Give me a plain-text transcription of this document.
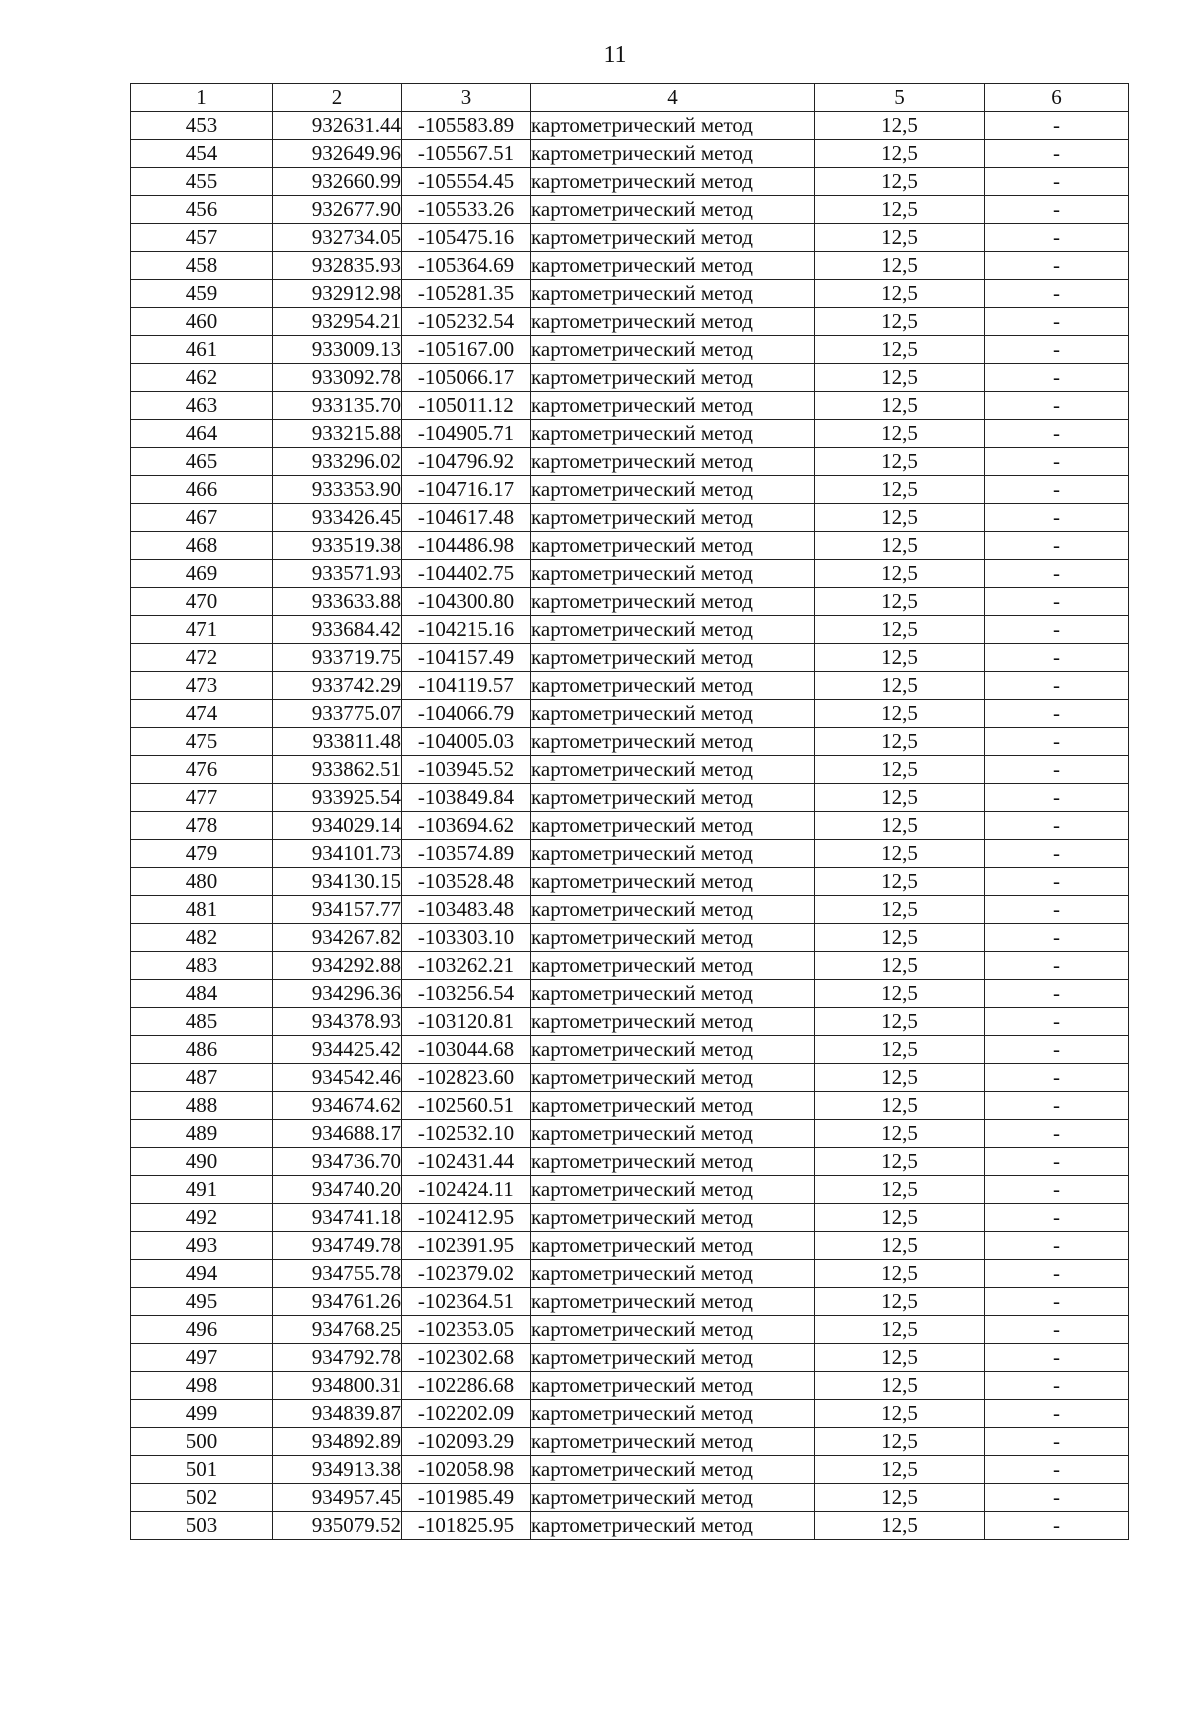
11
1	2	3	4	5	6
453	932631.44	-105583.89	картометрический метод	12,5	-
454	932649.96	-105567.51	картометрический метод	12,5	-
455	932660.99	-105554.45	картометрический метод	12,5	-
456	932677.90	-105533.26	картометрический метод	12,5	-
457	932734.05	-105475.16	картометрический метод	12,5	-
458	932835.93	-105364.69	картометрический метод	12,5	-
459	932912.98	-105281.35	картометрический метод	12,5	-
460	932954.21	-105232.54	картометрический метод	12,5	-
461	933009.13	-105167.00	картометрический метод	12,5	-
462	933092.78	-105066.17	картометрический метод	12,5	-
463	933135.70	-105011.12	картометрический метод	12,5	-
464	933215.88	-104905.71	картометрический метод	12,5	-
465	933296.02	-104796.92	картометрический метод	12,5	-
466	933353.90	-104716.17	картометрический метод	12,5	-
467	933426.45	-104617.48	картометрический метод	12,5	-
468	933519.38	-104486.98	картометрический метод	12,5	-
469	933571.93	-104402.75	картометрический метод	12,5	-
470	933633.88	-104300.80	картометрический метод	12,5	-
471	933684.42	-104215.16	картометрический метод	12,5	-
472	933719.75	-104157.49	картометрический метод	12,5	-
473	933742.29	-104119.57	картометрический метод	12,5	-
474	933775.07	-104066.79	картометрический метод	12,5	-
475	933811.48	-104005.03	картометрический метод	12,5	-
476	933862.51	-103945.52	картометрический метод	12,5	-
477	933925.54	-103849.84	картометрический метод	12,5	-
478	934029.14	-103694.62	картометрический метод	12,5	-
479	934101.73	-103574.89	картометрический метод	12,5	-
480	934130.15	-103528.48	картометрический метод	12,5	-
481	934157.77	-103483.48	картометрический метод	12,5	-
482	934267.82	-103303.10	картометрический метод	12,5	-
483	934292.88	-103262.21	картометрический метод	12,5	-
484	934296.36	-103256.54	картометрический метод	12,5	-
485	934378.93	-103120.81	картометрический метод	12,5	-
486	934425.42	-103044.68	картометрический метод	12,5	-
487	934542.46	-102823.60	картометрический метод	12,5	-
488	934674.62	-102560.51	картометрический метод	12,5	-
489	934688.17	-102532.10	картометрический метод	12,5	-
490	934736.70	-102431.44	картометрический метод	12,5	-
491	934740.20	-102424.11	картометрический метод	12,5	-
492	934741.18	-102412.95	картометрический метод	12,5	-
493	934749.78	-102391.95	картометрический метод	12,5	-
494	934755.78	-102379.02	картометрический метод	12,5	-
495	934761.26	-102364.51	картометрический метод	12,5	-
496	934768.25	-102353.05	картометрический метод	12,5	-
497	934792.78	-102302.68	картометрический метод	12,5	-
498	934800.31	-102286.68	картометрический метод	12,5	-
499	934839.87	-102202.09	картометрический метод	12,5	-
500	934892.89	-102093.29	картометрический метод	12,5	-
501	934913.38	-102058.98	картометрический метод	12,5	-
502	934957.45	-101985.49	картометрический метод	12,5	-
503	935079.52	-101825.95	картометрический метод	12,5	-
